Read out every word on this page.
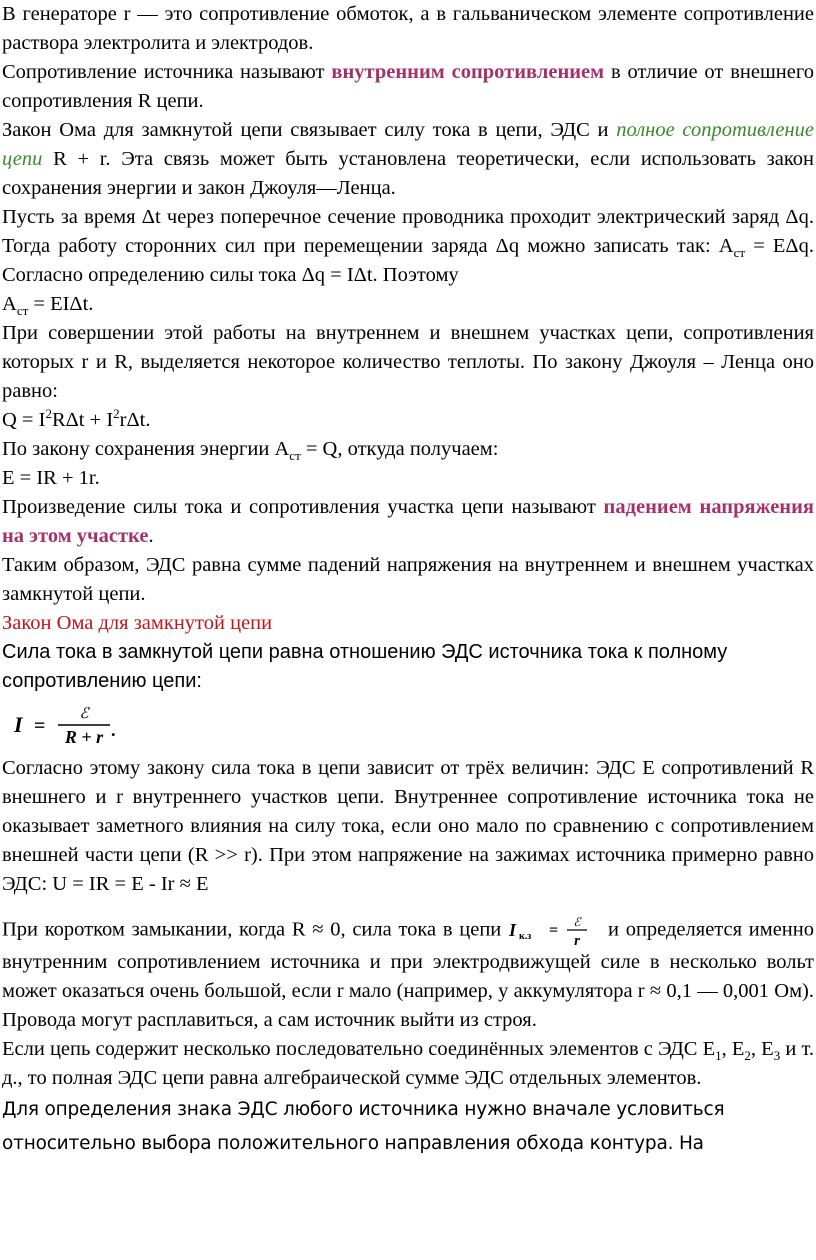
В генераторе r — это сопротивление обмоток, а в гальваническом элементе сопротивление раствора электролита и электродов.

Сопротивление источника называют внутренним сопротивлением в отличие от внешнего сопротивления R цепи.

Закон Ома для замкнутой цепи связывает силу тока в цепи, ЭДС и полное сопротивление цепи R + r. Эта связь может быть установлена теоретически, если использовать закон сохранения энергии и закон Джоуля—Ленца.

Пусть за время Δt через поперечное сечение проводника проходит электрический заряд Δq. Тогда работу сторонних сил при перемещении заряда Δq можно записать так: $A_{ст} = E\Delta q$. Согласно определению силы тока Δq = IΔt. Поэтому

$A_{ст} = EI\Delta t$.

При совершении этой работы на внутреннем и внешнем участках цепи, сопротивления которых r и R, выделяется некоторое количество теплоты. По закону Джоуля – Ленца оно равно:

$Q = I^2R\Delta t + I^2r\Delta t$.

По закону сохранения энергии $A_{ст} = Q$, откуда получаем:

E = IR + 1r.

Произведение силы тока и сопротивления участка цепи называют падением напряжения на этом участке.

Таким образом, ЭДС равна сумме падений напряжения на внутреннем и внешнем участках замкнутой цепи.

Закон Ома для замкнутой цепи

Сила тока в замкнутой цепи равна отношению ЭДС источника тока к полному сопротивлению цепи:

I =
ℰ
R + r .

Согласно этому закону сила тока в цепи зависит от трёх величин: ЭДС E сопротивлений R внешнего и r внутреннего участков цепи. Внутреннее сопротивление источника тока не оказывает заметного влияния на силу тока, если оно мало по сравнению с сопротивлением внешней части цепи (R >> r). При этом напряжение на зажимах источника примерно равно ЭДС: U = IR = E - Ir ≈ E

При коротком замыкании, когда R ≈ 0, сила тока в цепи I к.з = ℰ
r
и определяется именно внутренним сопротивлением источника и при электродвижущей силе в несколько вольт может оказаться очень большой, если r мало (например, у аккумулятора r ≈ 0,1 — 0,001 Ом). Провода могут расплавиться, а сам источник выйти из строя.

Если цепь содержит несколько последовательно соединённых элементов с ЭДС $E_1$, $E_2$, $E_3$ и т. д., то полная ЭДС цепи равна алгебраической сумме ЭДС отдельных элементов.

Для определения знака ЭДС любого источника нужно вначале условиться относительно выбора положительного направления обхода контура. На
